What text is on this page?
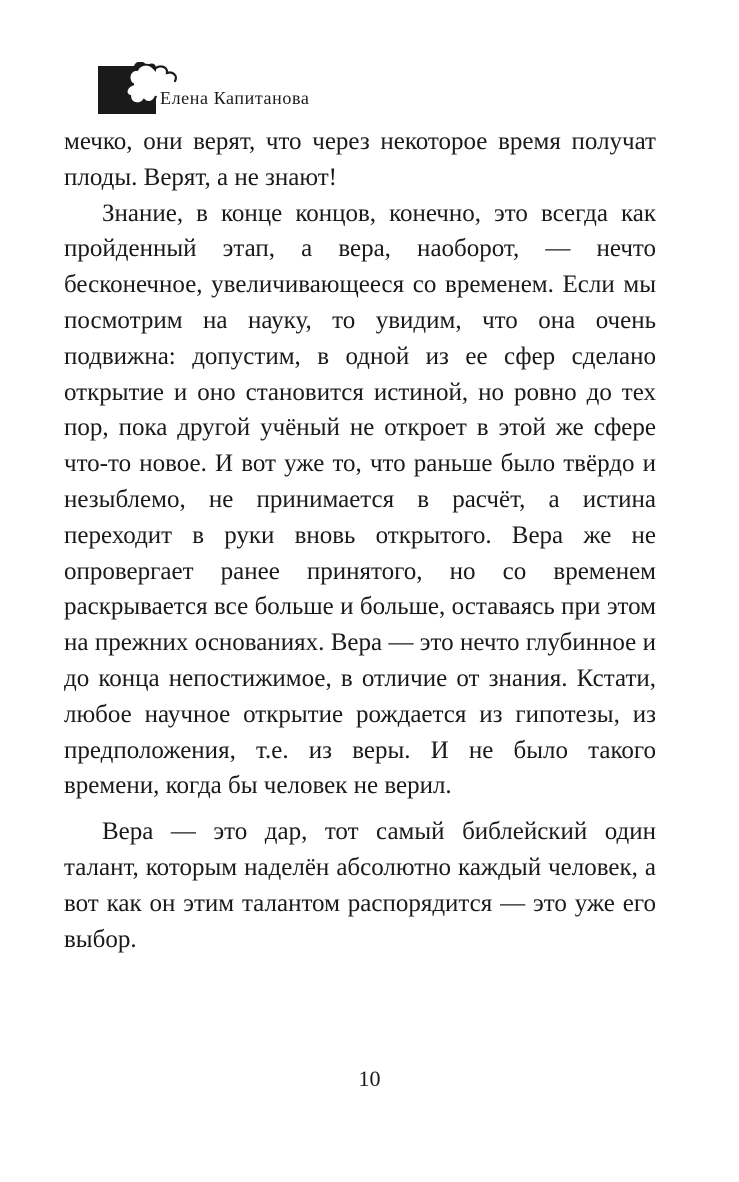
Елена Капитанова

мечко, они верят, что через некоторое время получат плоды. Верят, а не знают!

Знание, в конце концов, конечно, это всегда как пройденный этап, а вера, наоборот, — нечто бесконечное, увеличивающееся со временем. Если мы посмотрим на науку, то увидим, что она очень подвижна: допустим, в одной из ее сфер сделано открытие и оно становится истиной, но ровно до тех пор, пока другой учёный не откроет в этой же сфере что-то новое. И вот уже то, что раньше было твёрдо и незыблемо, не принимается в расчёт, а истина переходит в руки вновь открытого. Вера же не опровергает ранее принятого, но со временем раскрывается все больше и больше, оставаясь при этом на прежних основаниях. Вера — это нечто глубинное и до конца непостижимое, в отличие от знания. Кстати, любое научное открытие рождается из гипотезы, из предположения, т.е. из веры. И не было такого времени, когда бы человек не верил.

Вера — это дар, тот самый библейский один талант, которым наделён абсолютно каждый человек, а вот как он этим талантом распорядится — это уже его выбор.

10
